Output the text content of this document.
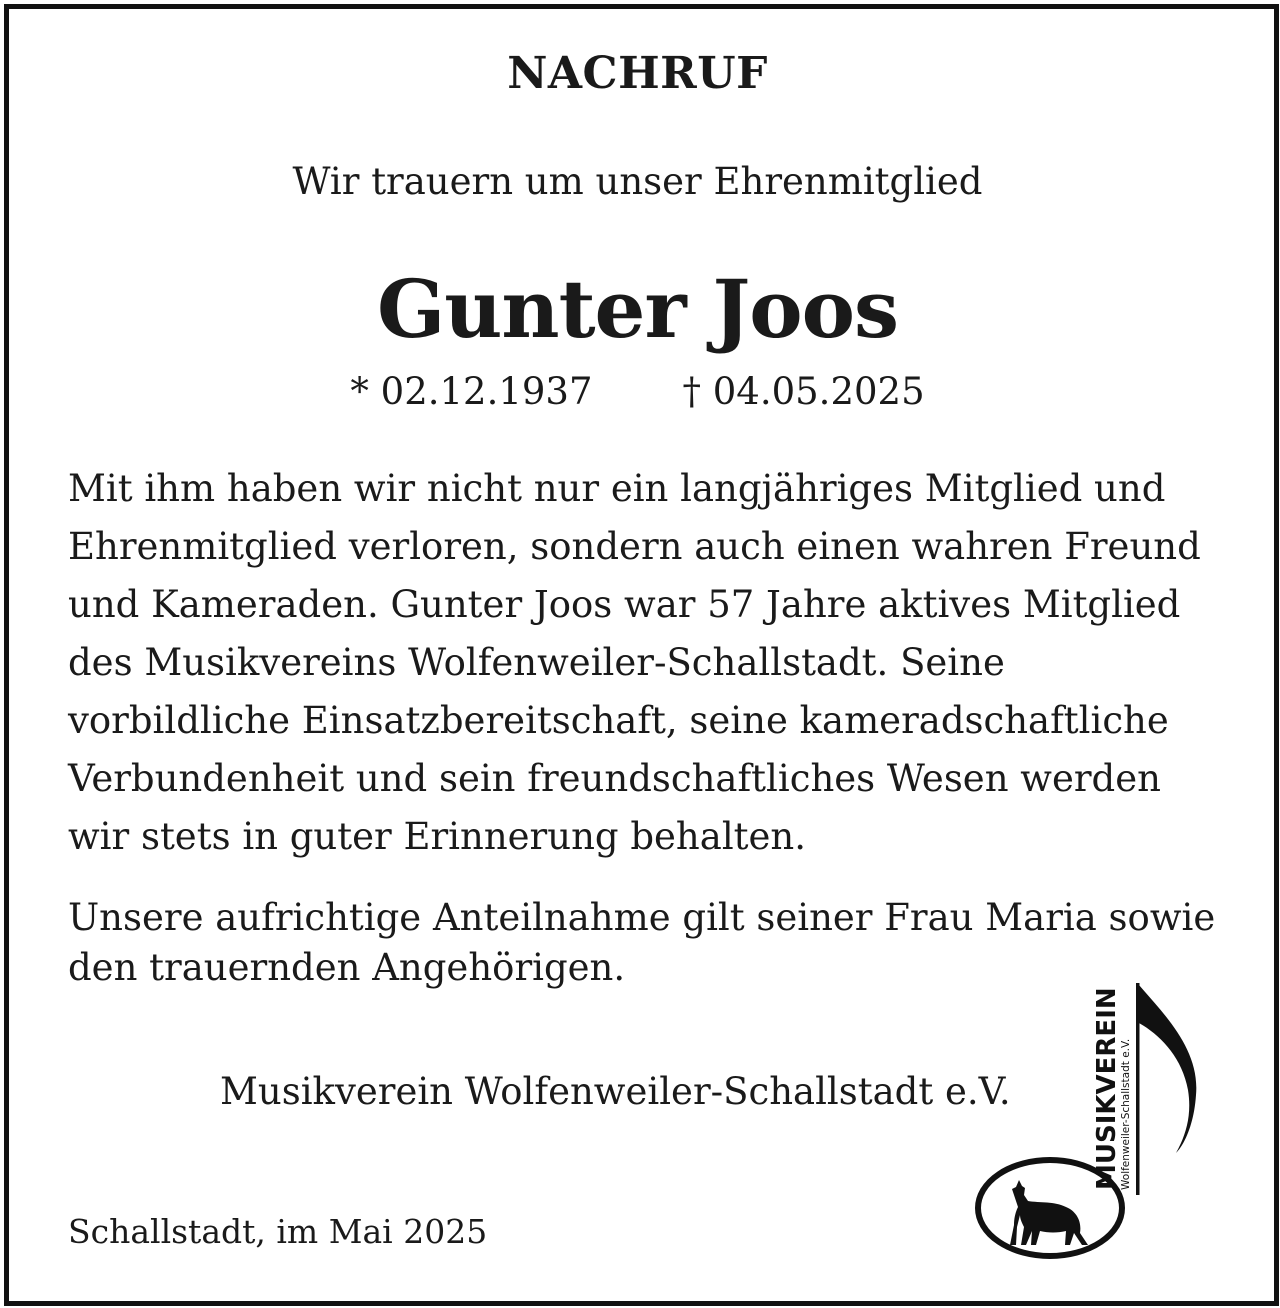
NACHRUF
Wir trauern um unser Ehrenmitglied
Gunter Joos
* 02.12.1937 † 04.05.2025
Mit ihm haben wir nicht nur ein langjähriges Mitglied und Ehrenmitglied verloren, sondern auch einen wahren Freund und Kameraden. Gunter Joos war 57 Jahre aktives Mitglied des Musikvereins Wolfenweiler-Schallstadt. Seine vorbildliche Einsatzbereitschaft, seine kameradschaftliche Verbundenheit und sein freundschaftliches Wesen werden wir stets in guter Erinnerung behalten.
Unsere aufrichtige Anteilnahme gilt seiner Frau Maria sowie den trauernden Angehörigen.
Musikverein Wolfenweiler-Schallstadt e.V.
Schallstadt, im Mai 2025
MUSIKVEREIN
Wolfenweiler-Schallstadt e.V.
